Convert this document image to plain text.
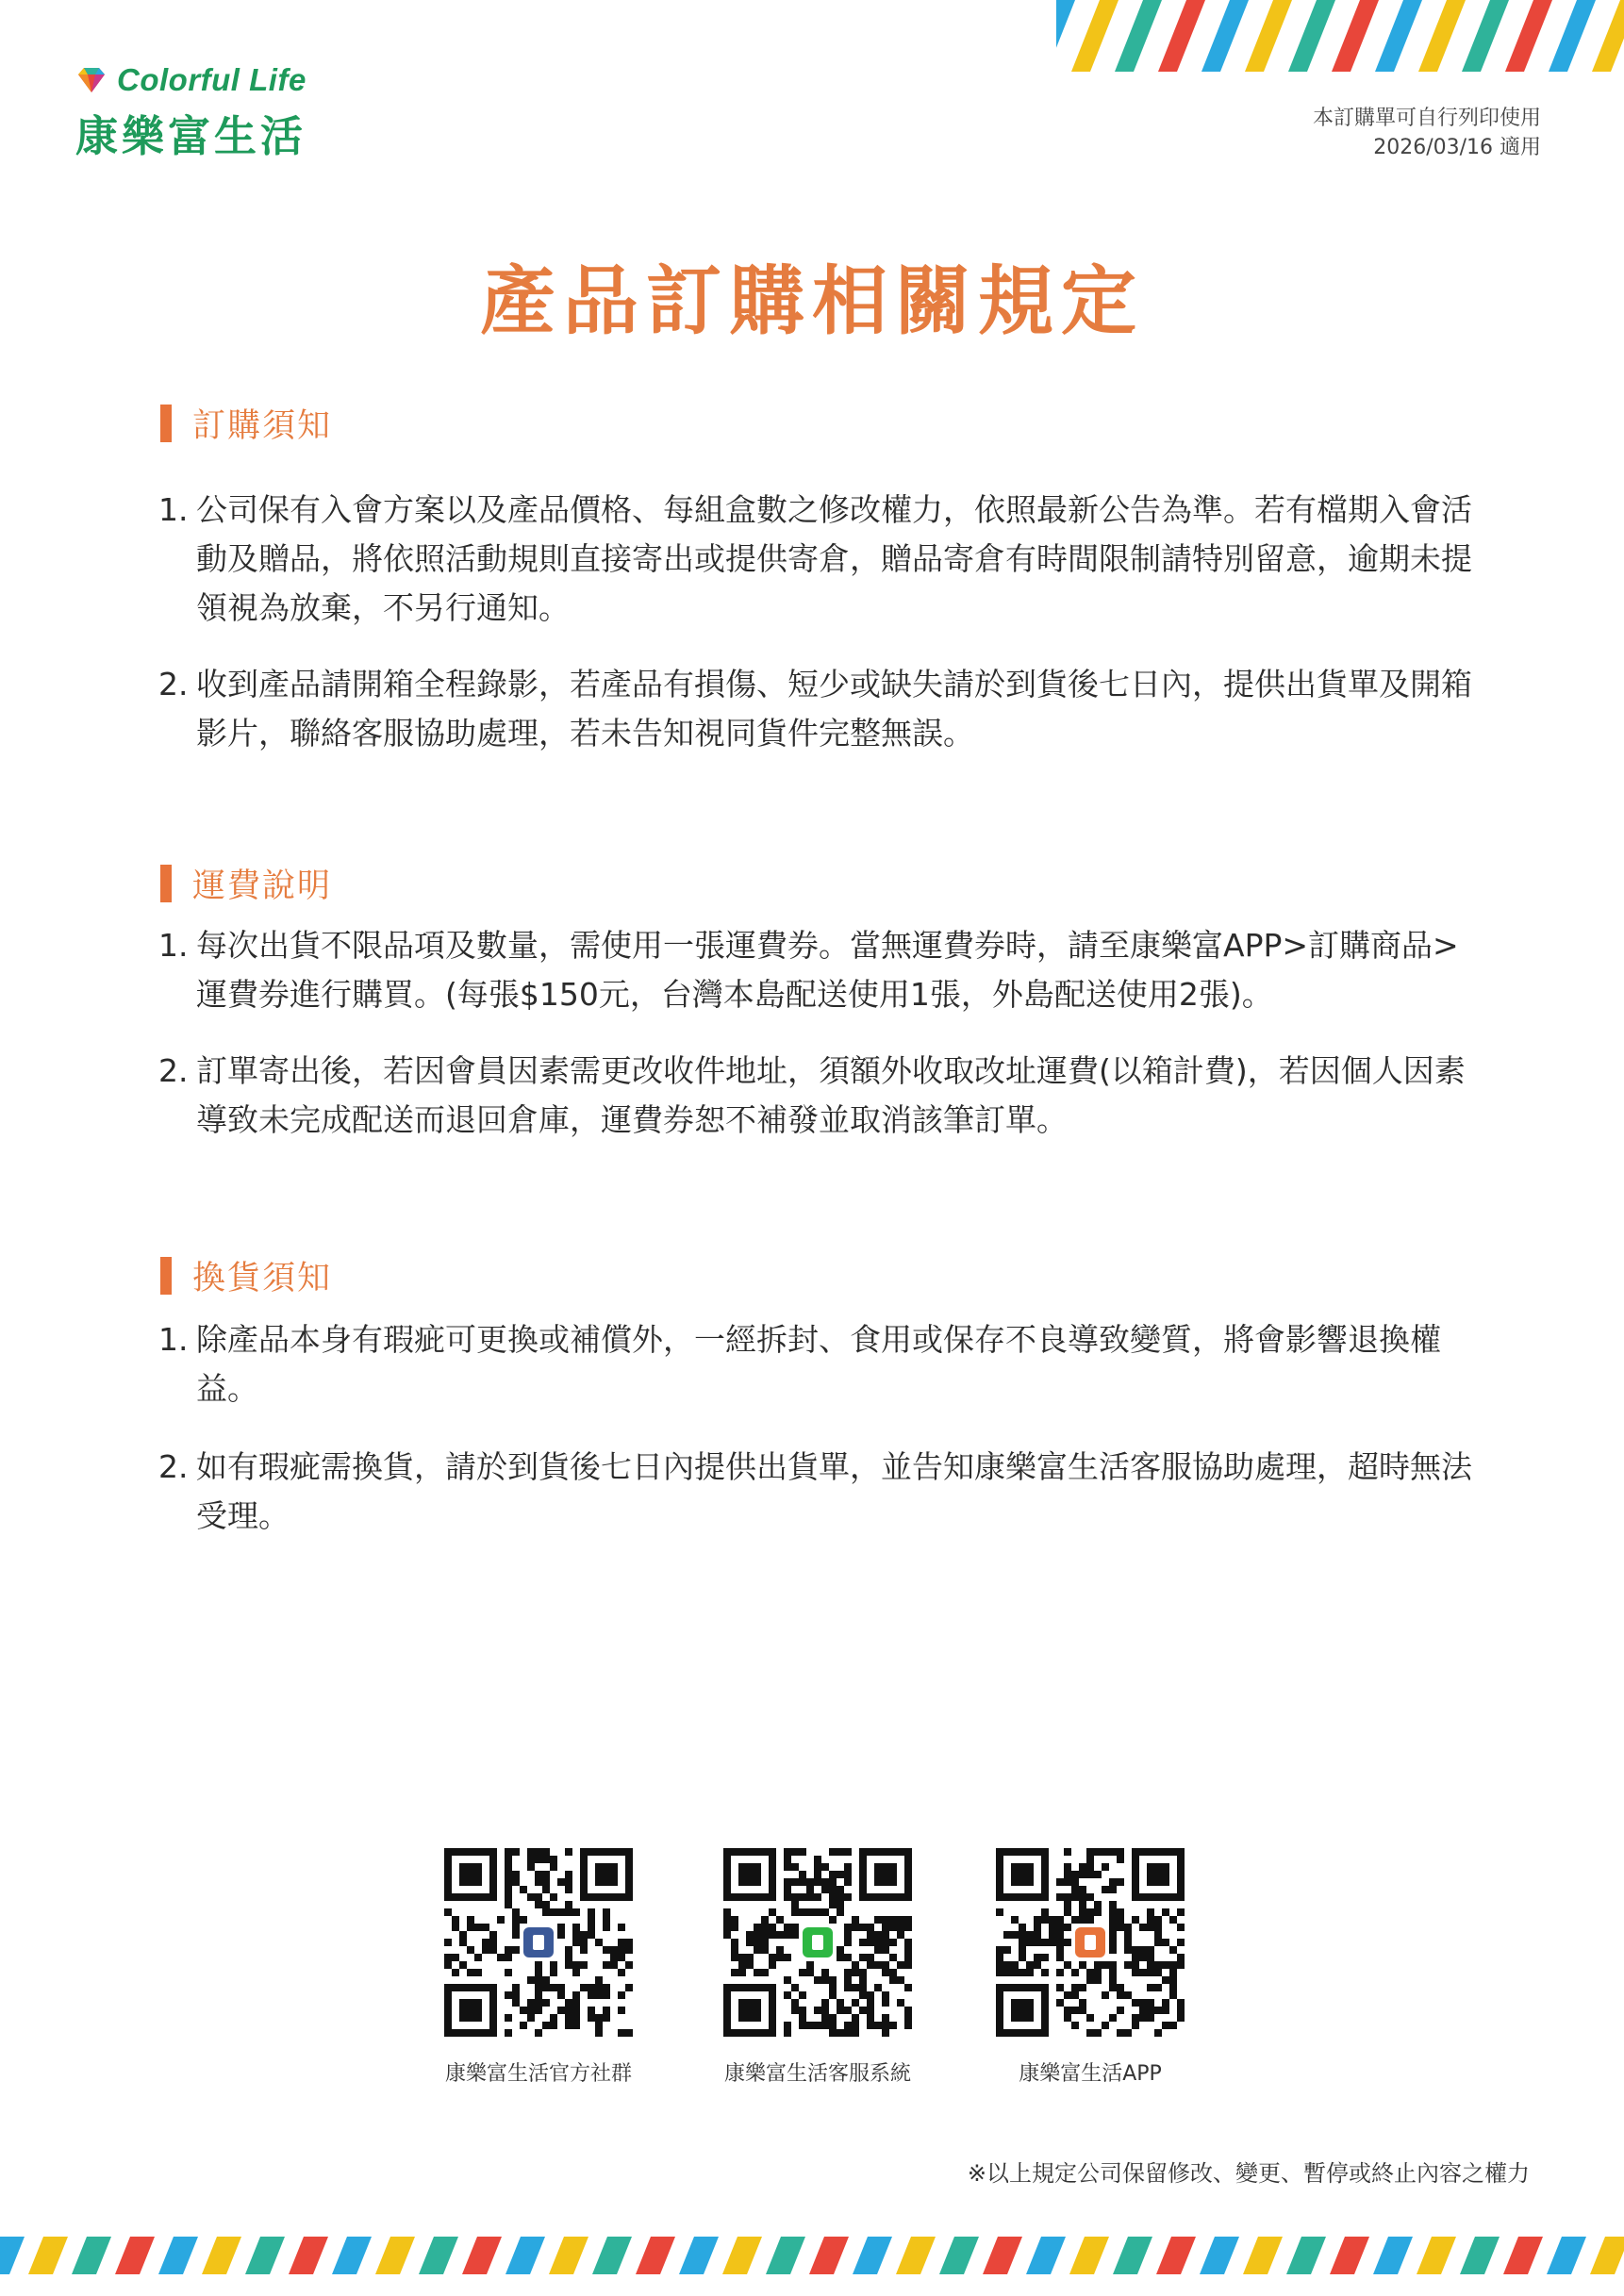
Colorful Life
康樂富生活	本訂購單可自行列印使用
2026/03/16 適用
產品訂購相關規定
訂購須知
1. 公司保有入會方案以及產品價格、每組盒數之修改權力，依照最新公告為準。若有檔期入會活動及贈品，將依照活動規則直接寄出或提供寄倉，贈品寄倉有時間限制請特別留意，逾期未提領視為放棄，不另行通知。
2. 收到產品請開箱全程錄影，若產品有損傷、短少或缺失請於到貨後七日內，提供出貨單及開箱影片，聯絡客服協助處理，若未告知視同貨件完整無誤。
運費說明
1. 每次出貨不限品項及數量，需使用一張運費券。當無運費券時，請至康樂富APP>訂購商品>運費券進行購買。(每張$150元，台灣本島配送使用1張，外島配送使用2張)。
2. 訂單寄出後，若因會員因素需更改收件地址，須額外收取改址運費(以箱計費)，若因個人因素導致未完成配送而退回倉庫，運費券恕不補發並取消該筆訂單。
換貨須知
1. 除產品本身有瑕疵可更換或補償外，一經拆封、食用或保存不良導致變質，將會影響退換權益。
2. 如有瑕疵需換貨，請於到貨後七日內提供出貨單，並告知康樂富生活客服協助處理，超時無法受理。
康樂富生活官方社群	康樂富生活客服系統	康樂富生活APP
※以上規定公司保留修改、變更、暫停或終止內容之權力
